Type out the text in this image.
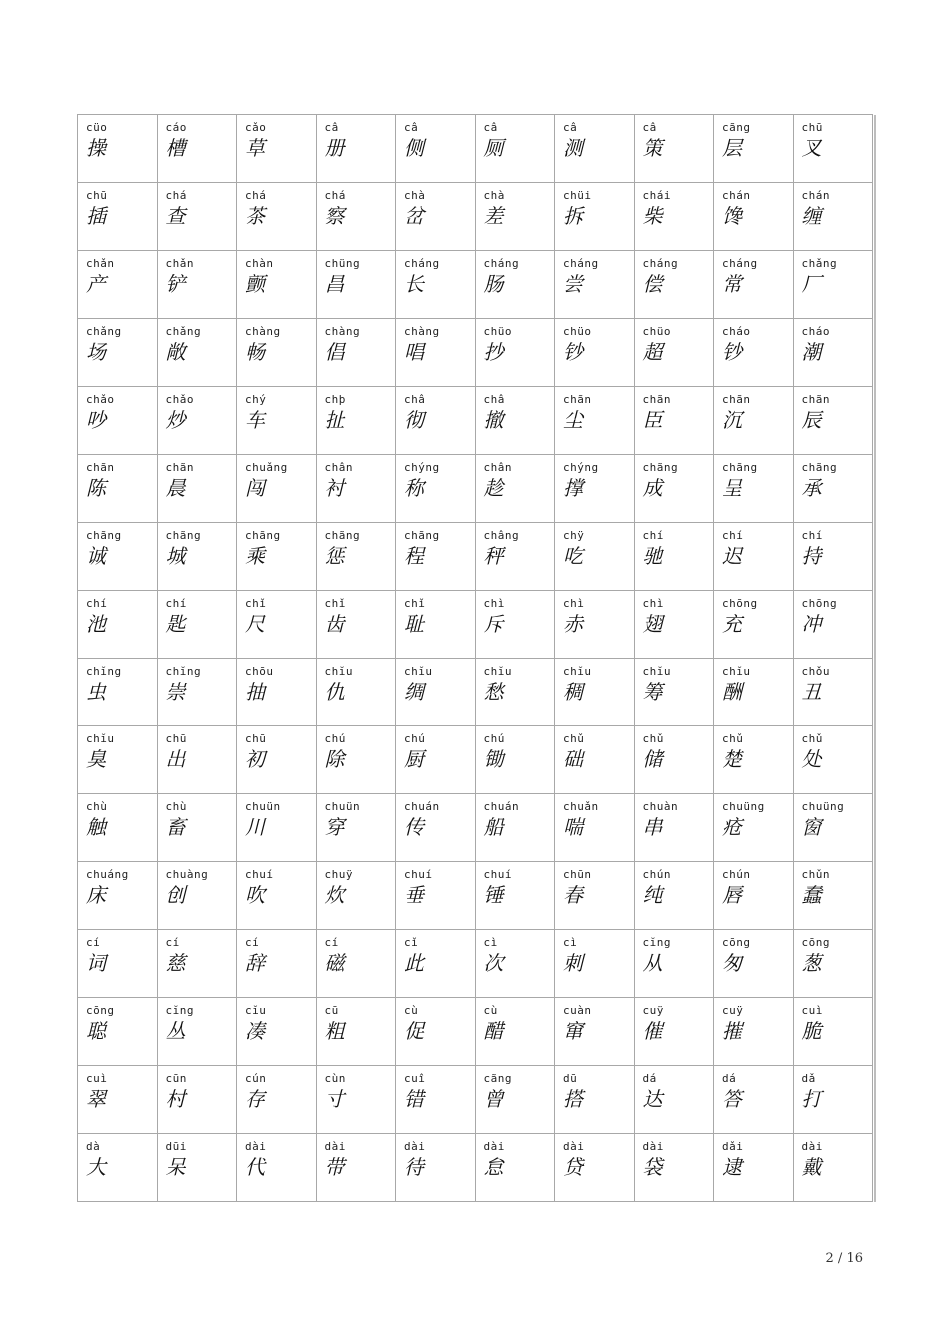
cüo
操
cáo
槽
cǎo
草
câ
册
câ
侧
câ
厕
câ
测
câ
策
cãng
层
chū
叉
chū
插
chá
查
chá
茶
chá
察
chà
岔
chà
差
chüi
拆
chái
柴
chán
馋
chán
缠
chǎn
产
chǎn
铲
chàn
颤
chüng
昌
cháng
长
cháng
肠
cháng
尝
cháng
偿
cháng
常
chǎng
厂
chǎng
场
chǎng
敞
chàng
畅
chàng
倡
chàng
唱
chüo
抄
chüo
钞
chüo
超
cháo
钞
cháo
潮
chǎo
吵
chǎo
炒
chý
车
chþ
扯
châ
彻
châ
撤
chãn
尘
chãn
臣
chãn
沉
chãn
辰
chãn
陈
chãn
晨
chuǎng
闯
chân
衬
chýng
称
chân
趁
chýng
撑
chãng
成
chãng
呈
chãng
承
chãng
诚
chãng
城
chãng
乘
chãng
惩
chãng
程
châng
秤
chÿ
吃
chí
驰
chí
迟
chí
持
chí
池
chí
匙
chǐ
尺
chǐ
齿
chǐ
耻
chì
斥
chì
赤
chì
翅
chōng
充
chōng
冲
chĭng
虫
chĭng
崇
chōu
抽
chĭu
仇
chĭu
绸
chĭu
愁
chĭu
稠
chĭu
筹
chĭu
酬
chǒu
丑
chĭu
臭
chū
出
chū
初
chú
除
chú
厨
chú
锄
chǔ
础
chǔ
储
chǔ
楚
chǔ
处
chù
触
chù
畜
chuün
川
chuün
穿
chuán
传
chuán
船
chuǎn
喘
chuàn
串
chuüng
疮
chuüng
窗
chuáng
床
chuàng
创
chuí
吹
chuÿ
炊
chuí
垂
chuí
锤
chūn
春
chún
纯
chún
唇
chǔn
蠢
cí
词
cí
慈
cí
辞
cí
磁
cǐ
此
cì
次
cì
刺
cĭng
从
cōng
匆
cōng
葱
cōng
聪
cĭng
丛
cĭu
凑
cū
粗
cù
促
cù
醋
cuàn
窜
cuÿ
催
cuÿ
摧
cuì
脆
cuì
翠
cūn
村
cún
存
cùn
寸
cuî
错
cãng
曾
dū
搭
dá
达
dá
答
dǎ
打
dà
大
dūi
呆
dài
代
dài
带
dài
待
dài
怠
dài
贷
dài
袋
dǎi
逮
dài
戴
2 / 16
